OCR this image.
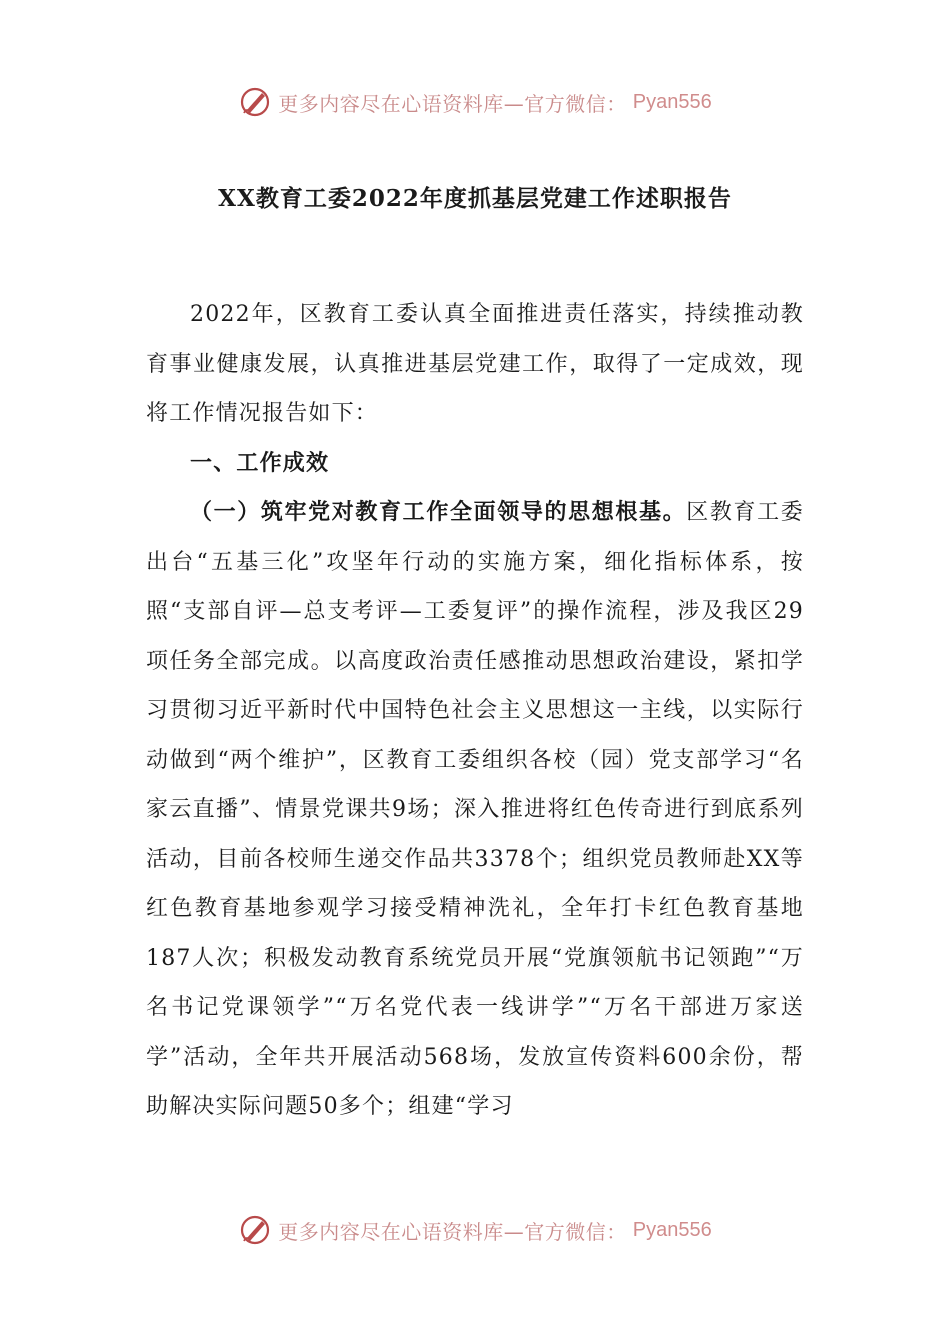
更多内容尽在心语资料库—官方微信： Pyan556
XX教育工委2022年度抓基层党建工作述职报告

2022年，区教育工委认真全面推进责任落实，持续推动教育事业健康发展，认真推进基层党建工作，取得了一定成效，现将工作情况报告如下：

一、工作成效

（一）筑牢党对教育工作全面领导的思想根基。区教育工委出台“五基三化”攻坚年行动的实施方案，细化指标体系，按照“支部自评—总支考评—工委复评”的操作流程，涉及我区29项任务全部完成。以高度政治责任感推动思想政治建设，紧扣学习贯彻习近平新时代中国特色社会主义思想这一主线，以实际行动做到“两个维护”，区教育工委组织各校（园）党支部学习“名家云直播”、情景党课共9场；深入推进将红色传奇进行到底系列活动，目前各校师生递交作品共3378个；组织党员教师赴XX等红色教育基地参观学习接受精神洗礼，全年打卡红色教育基地187人次；积极发动教育系统党员开展“党旗领航书记领跑”“万名书记党课领学”“万名党代表一线讲学”“万名干部进万家送学”活动，全年共开展活动568场，发放宣传资料600余份，帮助解决实际问题50多个；组建“学习

更多内容尽在心语资料库—官方微信： Pyan556
